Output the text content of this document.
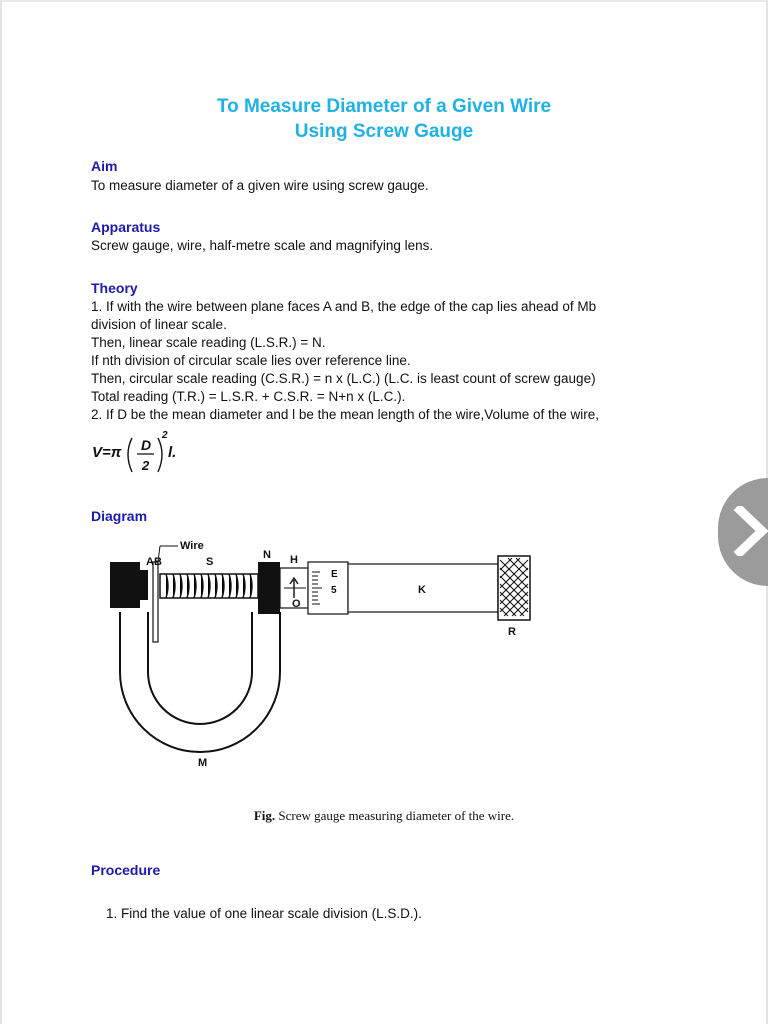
To Measure Diameter of a Given Wire
Using Screw Gauge
Aim
To measure diameter of a given wire using screw gauge.
Apparatus
Screw gauge, wire, half-metre scale and magnifying lens.
Theory
1. If with the wire between plane faces A and B, the edge of the cap lies ahead of Mb
division of linear scale.
Then, linear scale reading (L.S.R.) = N.
If nth division of circular scale lies over reference line.
Then, circular scale reading (C.S.R.) = n x (L.C.) (L.C. is least count of screw gauge)
Total reading (T.R.) = L.S.R. + C.S.R. = N+n x (L.C.).
2. If D be the mean diameter and l be the mean length of the wire,Volume of the wire,
V=π D
2
2
l.
Diagram
Wire
A B	S
N H
E
5
O
K
R
M
Fig. Screw gauge measuring diameter of the wire.
Procedure
1. Find the value of one linear scale division (L.S.D.).
